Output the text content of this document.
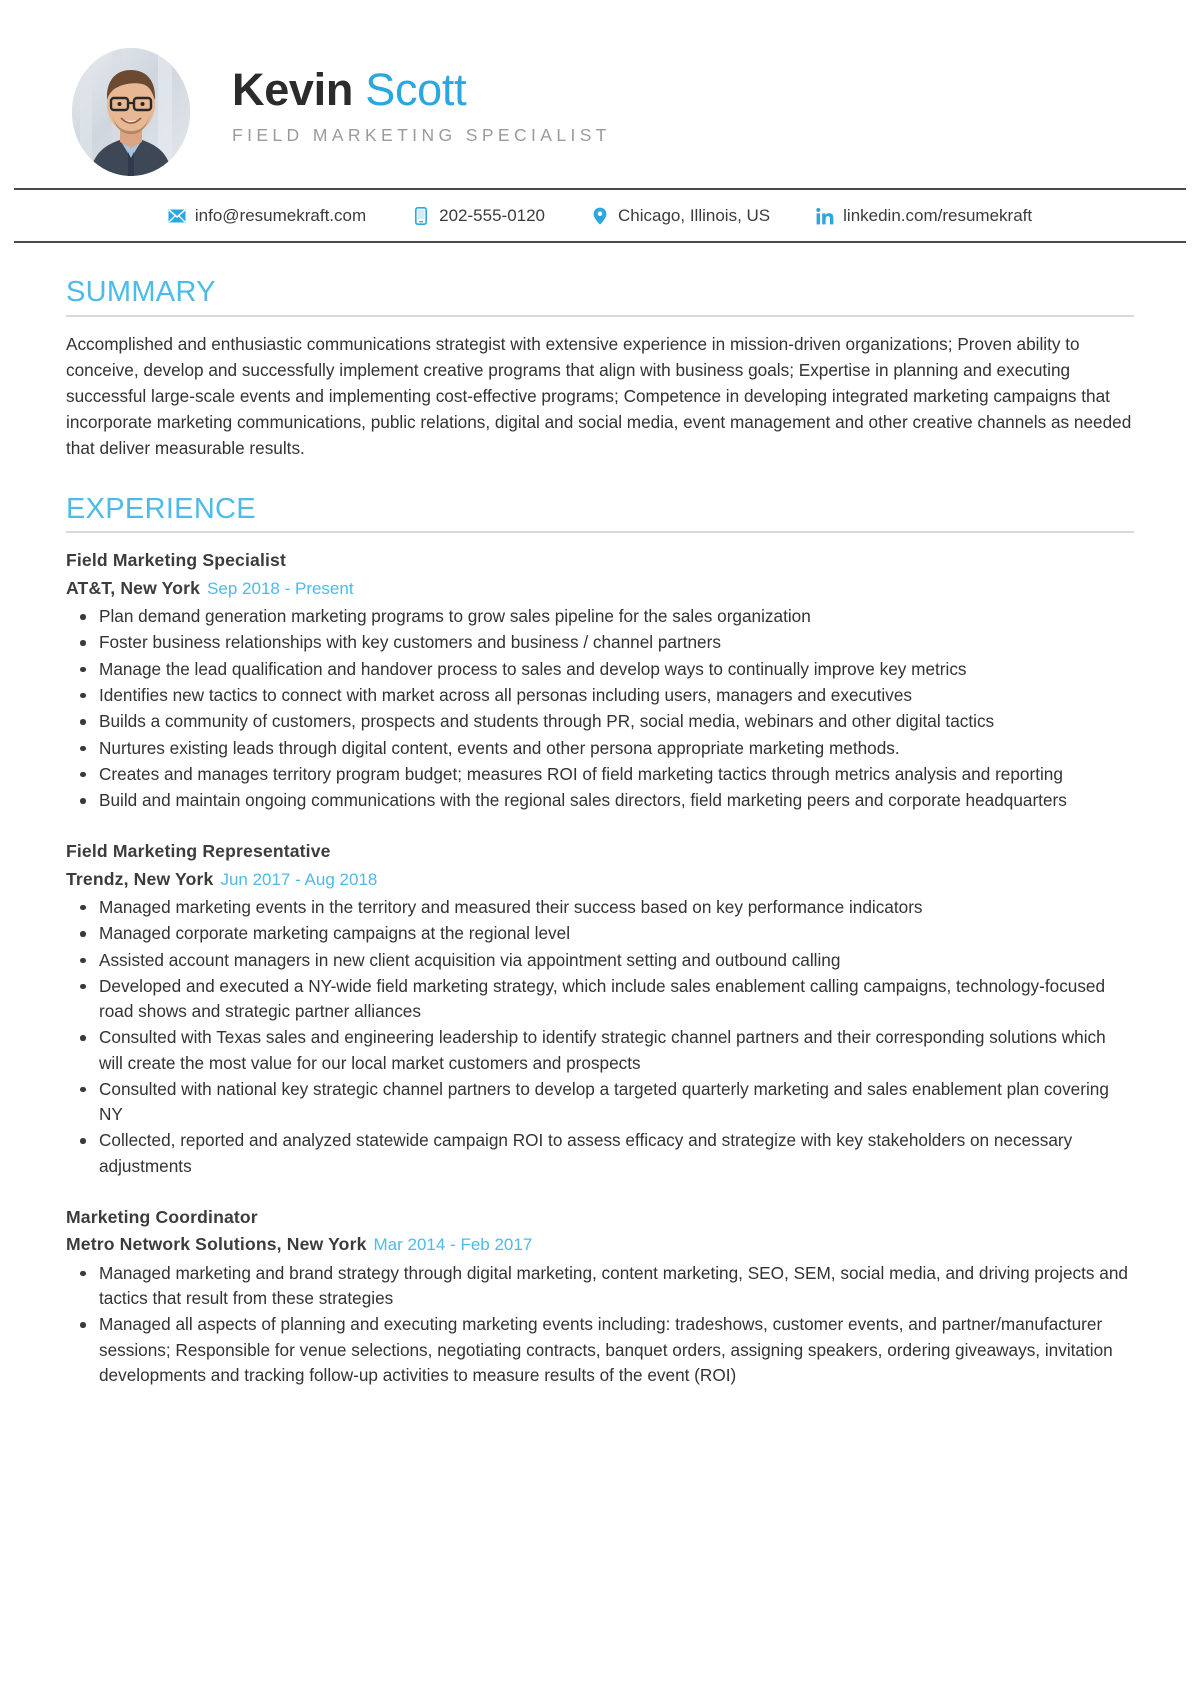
Kevin Scott
FIELD MARKETING SPECIALIST
info@resumekraft.com	202-555-0120	Chicago, Illinois, US	linkedin.com/resumekraft
SUMMARY
Accomplished and enthusiastic communications strategist with extensive experience in mission-driven organizations; Proven ability to conceive, develop and successfully implement creative programs that align with business goals; Expertise in planning and executing successful large-scale events and implementing cost-effective programs; Competence in developing integrated marketing campaigns that incorporate marketing communications, public relations, digital and social media, event management and other creative channels as needed that deliver measurable results.
EXPERIENCE
Field Marketing Specialist
AT&T, New York Sep 2018 - Present
Plan demand generation marketing programs to grow sales pipeline for the sales organization
Foster business relationships with key customers and business / channel partners
Manage the lead qualification and handover process to sales and develop ways to continually improve key metrics
Identifies new tactics to connect with market across all personas including users, managers and executives
Builds a community of customers, prospects and students through PR, social media, webinars and other digital tactics
Nurtures existing leads through digital content, events and other persona appropriate marketing methods.
Creates and manages territory program budget; measures ROI of field marketing tactics through metrics analysis and reporting
Build and maintain ongoing communications with the regional sales directors, field marketing peers and corporate headquarters
Field Marketing Representative
Trendz, New York Jun 2017 - Aug 2018
Managed marketing events in the territory and measured their success based on key performance indicators
Managed corporate marketing campaigns at the regional level
Assisted account managers in new client acquisition via appointment setting and outbound calling
Developed and executed a NY-wide field marketing strategy, which include sales enablement calling campaigns, technology-focused road shows and strategic partner alliances
Consulted with Texas sales and engineering leadership to identify strategic channel partners and their corresponding solutions which will create the most value for our local market customers and prospects
Consulted with national key strategic channel partners to develop a targeted quarterly marketing and sales enablement plan covering NY
Collected, reported and analyzed statewide campaign ROI to assess efficacy and strategize with key stakeholders on necessary adjustments
Marketing Coordinator
Metro Network Solutions, New York Mar 2014 - Feb 2017
Managed marketing and brand strategy through digital marketing, content marketing, SEO, SEM, social media, and driving projects and tactics that result from these strategies
Managed all aspects of planning and executing marketing events including: tradeshows, customer events, and partner/manufacturer sessions; Responsible for venue selections, negotiating contracts, banquet orders, assigning speakers, ordering giveaways, invitation developments and tracking follow-up activities to measure results of the event (ROI)
